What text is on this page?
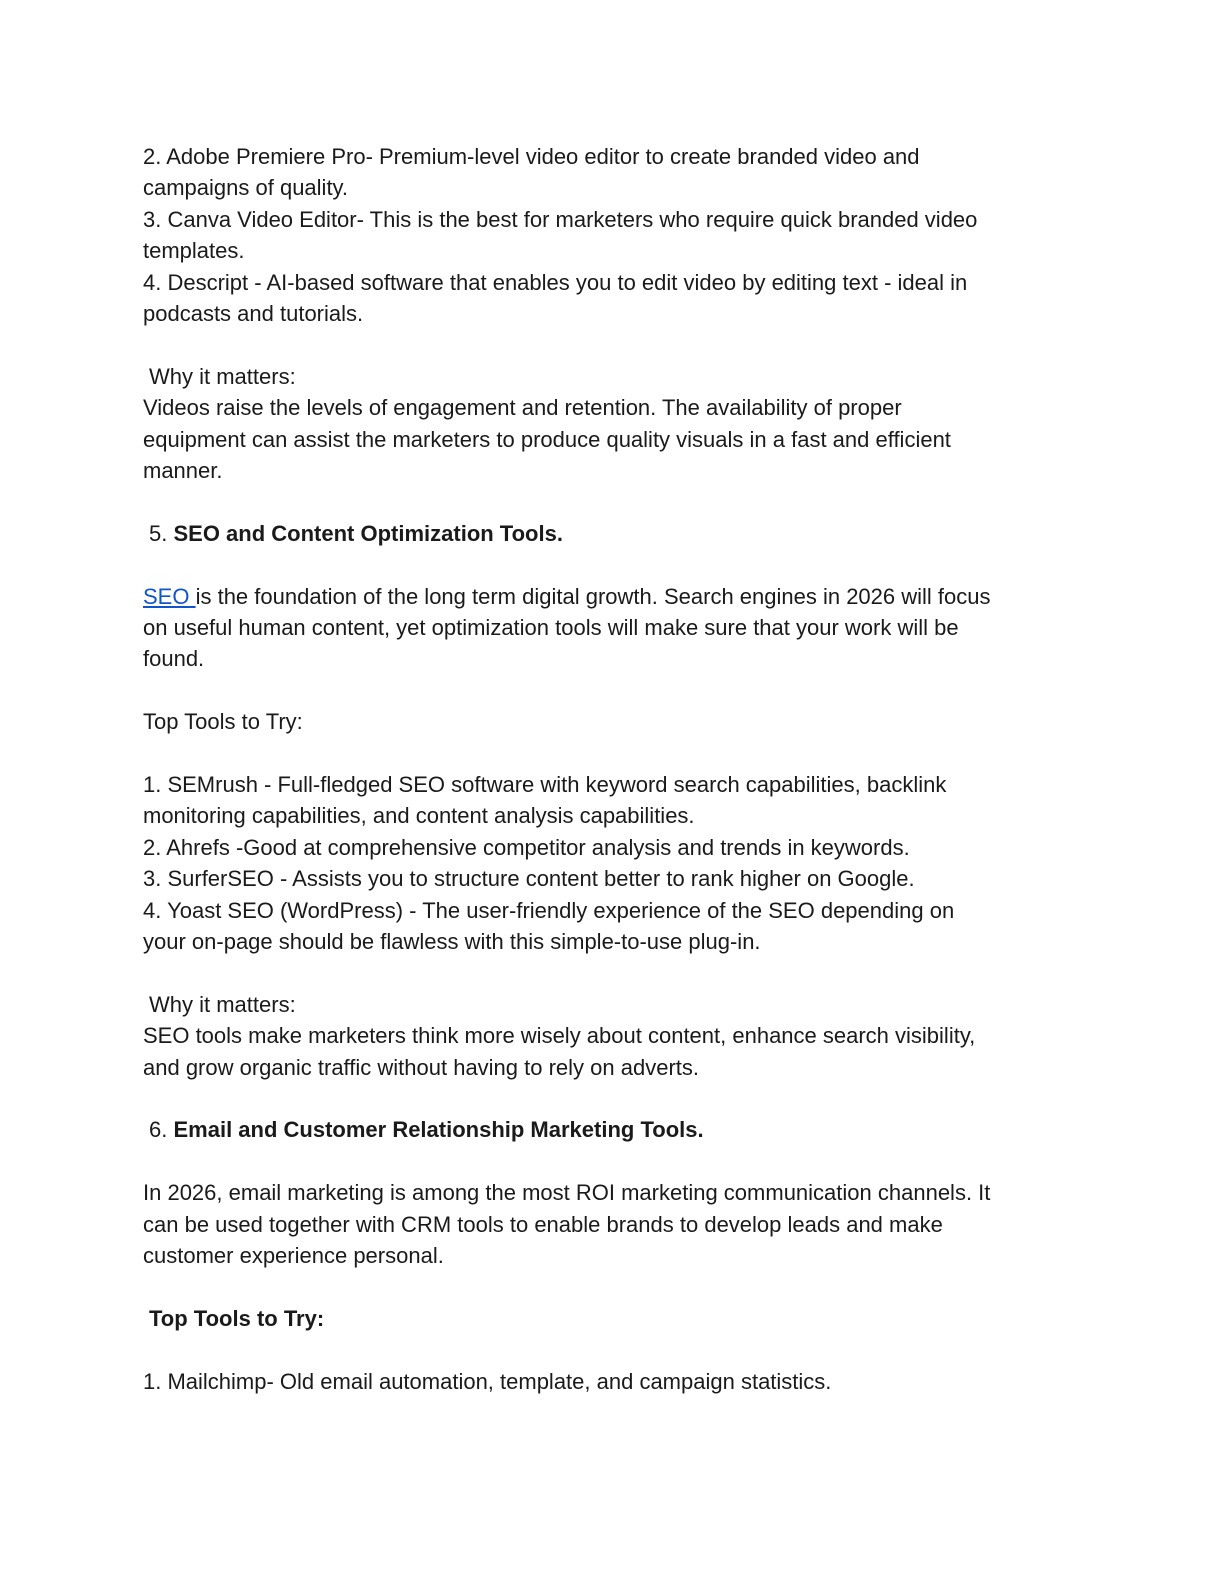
2. Adobe Premiere Pro- Premium-level video editor to create branded video and
campaigns of quality.
3. Canva Video Editor- This is the best for marketers who require quick branded video
templates.
4. Descript - AI-based software that enables you to edit video by editing text - ideal in
podcasts and tutorials.
Why it matters:
Videos raise the levels of engagement and retention. The availability of proper
equipment can assist the marketers to produce quality visuals in a fast and efficient
manner.
5. SEO and Content Optimization Tools.
SEO is the foundation of the long term digital growth. Search engines in 2026 will focus
on useful human content, yet optimization tools will make sure that your work will be
found.
Top Tools to Try:
1. SEMrush - Full-fledged SEO software with keyword search capabilities, backlink
monitoring capabilities, and content analysis capabilities.
2. Ahrefs -Good at comprehensive competitor analysis and trends in keywords.
3. SurferSEO - Assists you to structure content better to rank higher on Google.
4. Yoast SEO (WordPress) - The user-friendly experience of the SEO depending on
your on-page should be flawless with this simple-to-use plug-in.
Why it matters:
SEO tools make marketers think more wisely about content, enhance search visibility,
and grow organic traffic without having to rely on adverts.
6. Email and Customer Relationship Marketing Tools.
In 2026, email marketing is among the most ROI marketing communication channels. It
can be used together with CRM tools to enable brands to develop leads and make
customer experience personal.
Top Tools to Try:
1. Mailchimp- Old email automation, template, and campaign statistics.
